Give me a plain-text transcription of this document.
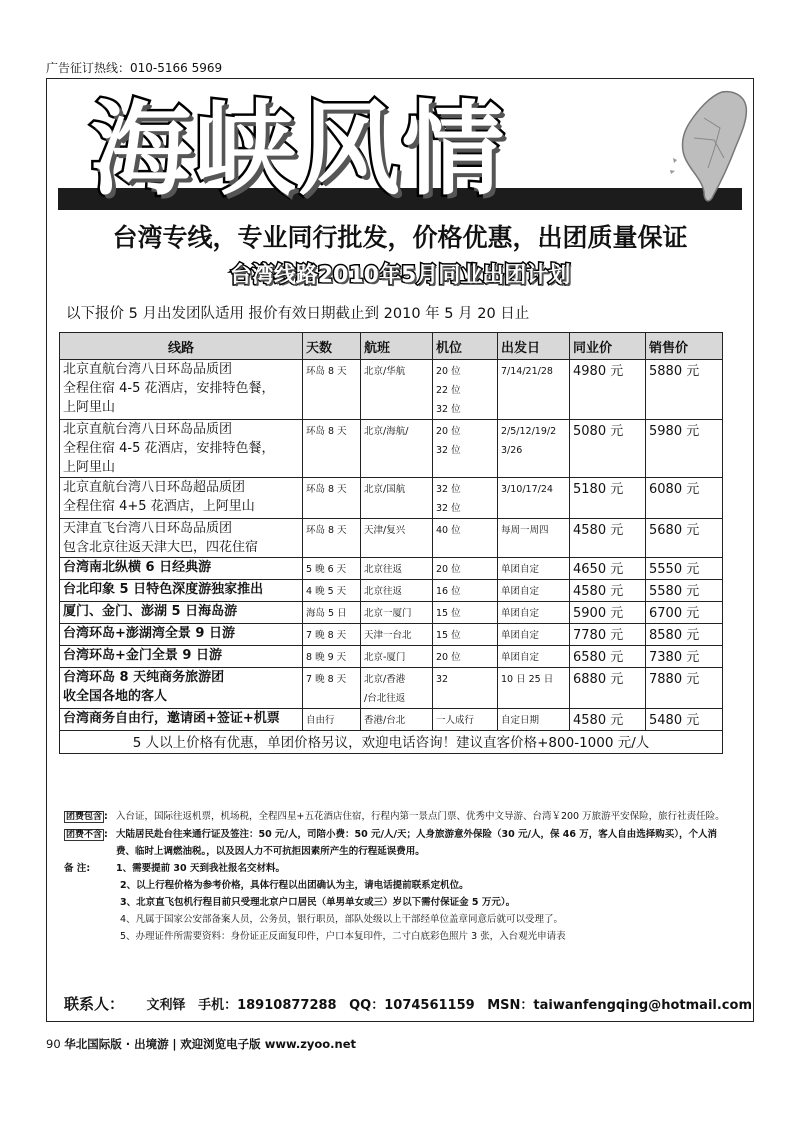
广告征订热线：010-5166 5969
海峡风情
台湾专线，专业同行批发，价格优惠，出团质量保证
台湾线路2010年5月同业出团计划
以下报价 5 月出发团队适用 报价有效日期截止到 2010 年 5 月 20 日止
线路	天数	航班	机位	出发日	同业价	销售价
北京直航台湾八日环岛品质团
全程住宿 4-5 花酒店，安排特色餐，
上阿里山	环岛 8 天	北京/华航	20 位
22 位
32 位	7/14/21/28	4980 元	5880 元
北京直航台湾八日环岛品质团
全程住宿 4-5 花酒店，安排特色餐，
上阿里山	环岛 8 天	北京/海航/	20 位
32 位	2/5/12/19/2
3/26	5080 元	5980 元
北京直航台湾八日环岛超品质团
全程住宿 4+5 花酒店，上阿里山	环岛 8 天	北京/国航	32 位
32 位	3/10/17/24	5180 元	6080 元
天津直飞台湾八日环岛品质团
包含北京往返天津大巴，四花住宿	环岛 8 天	天津/复兴	40 位	每周一周四	4580 元	5680 元
台湾南北纵横 6 日经典游	5 晚 6 天	北京往返	20 位	单团自定	4650 元	5550 元
台北印象 5 日特色深度游独家推出	4 晚 5 天	北京往返	16 位	单团自定	4580 元	5580 元
厦门、金门、澎湖 5 日海岛游	海岛 5 日	北京一厦门	15 位	单团自定	5900 元	6700 元
台湾环岛+澎湖湾全景 9 日游	7 晚 8 天	天津一台北	15 位	单团自定	7780 元	8580 元
台湾环岛+金门全景 9 日游	8 晚 9 天	北京-厦门	20 位	单团自定	6580 元	7380 元
台湾环岛 8 天纯商务旅游团
收全国各地的客人	7 晚 8 天	北京/香港
/台北往返	32	10 日 25 日	6880 元	7880 元
台湾商务自由行，邀请函+签证+机票	自由行	香港/台北	一人成行	自定日期	4580 元	5480 元
5 人以上价格有优惠，单团价格另议，欢迎电话咨询！建议直客价格+800-1000 元/人						
团费包含 : 入台证，国际往返机票，机场税，全程四星+五花酒店住宿，行程内第一景点门票、优秀中文导游、台湾￥200 万旅游平安保险，旅行社责任险。
团费不含 : 大陆居民赴台往来通行证及签注：50 元/人，司陪小费：50 元/人/天；人身旅游意外保险（30 元/人，保 46 万，客人自由选择购买），个人消费、临时上调燃油税。，以及因人力不可抗拒因素所产生的行程延误费用。
备 注:	1、需要提前 30 天到我社报名交材料。
2、以上行程价格为参考价格，具体行程以出团确认为主，请电话提前联系定机位。
3、北京直飞包机行程目前只受理北京户口居民（单男单女或三）岁以下需付保证金 5 万元）。
4、凡属于国家公安部备案人员，公务员，银行职员，部队处级以上干部经单位盖章同意后就可以受理了。
5、办理证件所需要资料：身份证正反面复印件，户口本复印件，二寸白底彩色照片 3 张，入台观光申请表
联系人： 文利铎 手机：18910877288 QQ：1074561159 MSN：taiwanfengqing@hotmail.com
90 华北国际版 · 出境游 | 欢迎浏览电子版 www.zyoo.net
